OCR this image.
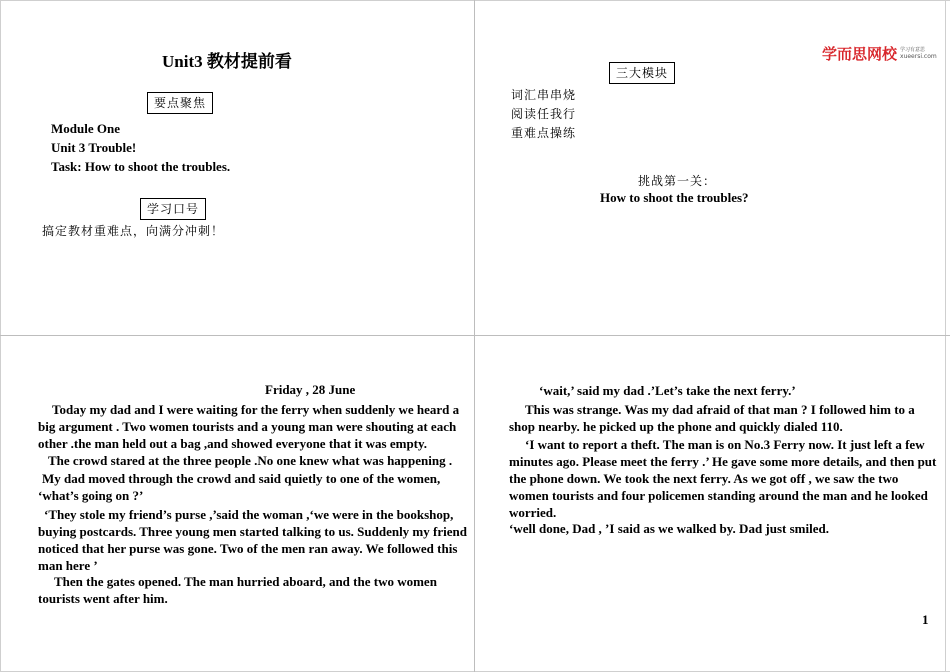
Unit3 教材提前看
要点聚焦
Module One
Unit 3 Trouble!
Task: How to shoot the troubles.
学习口号
搞定教材重难点，向满分冲刺！
学而思网校 学习有意思
xueersi.com
三大模块
词汇串串烧
阅读任我行
重难点操练
挑战第一关：
How to shoot the troubles?
Friday , 28 June
Today my dad and I were waiting for the ferry when suddenly we heard a big argument . Two women tourists and a young man were shouting at each other .the man held out a bag ,and showed everyone that it was empty.
The crowd stared at the three people .No one knew what was happening .
My dad moved through the crowd and said quietly to one of the women, ‘what’s going on ?’
‘They stole my friend’s purse ,’said the woman ,‘we were in the bookshop, buying postcards. Three young men started talking to us. Suddenly my friend noticed that her purse was gone. Two of the men ran away. We followed this man here ’
Then the gates opened. The man hurried aboard, and the two women tourists went after him.
‘wait,’ said my dad .’Let’s take the next ferry.’
This was strange. Was my dad afraid of that man ? I followed him to a shop nearby. he picked up the phone and quickly dialed 110.
‘I want to report a theft. The man is on No.3 Ferry now. It just left a few minutes ago. Please meet the ferry .’ He gave some more details, and then put the phone down. We took the next ferry. As we got off , we saw the two women tourists and four policemen standing around the man and he looked worried.
‘well done, Dad , ’I said as we walked by. Dad just smiled.
1
